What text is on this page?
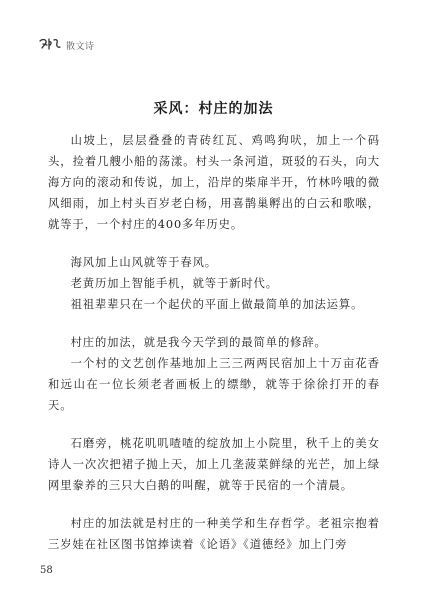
散文诗
采风：村庄的加法

山坡上，层层叠叠的青砖红瓦、鸡鸣狗吠，加上一个码头，捡着几艘小船的荡漾。村头一条河道，斑驳的石头，向大海方向的滚动和传说，加上，沿岸的柴扉半开，竹林吟哦的微风细雨，加上村头百岁老白杨，用喜鹊巢孵出的白云和歌喉，就等于，一个村庄的400多年历史。

海风加上山风就等于春风。

老黄历加上智能手机，就等于新时代。

祖祖辈辈只在一个起伏的平面上做最简单的加法运算。

村庄的加法，就是我今天学到的最简单的修辞。

一个村的文艺创作基地加上三三两两民宿加上十万亩花香和远山在一位长须老者画板上的缥缈，就等于徐徐打开的春天。

石磨旁，桃花叽叽喳喳的绽放加上小院里，秋千上的美女诗人一次次把裙子抛上天，加上几垄菠菜鲜绿的光芒，加上绿网里豢养的三只大白鹅的叫醒，就等于民宿的一个清晨。

村庄的加法就是村庄的一种美学和生存哲学。老祖宗抱着三岁娃在社区图书馆捧读着《论语》《道德经》加上门旁

58
